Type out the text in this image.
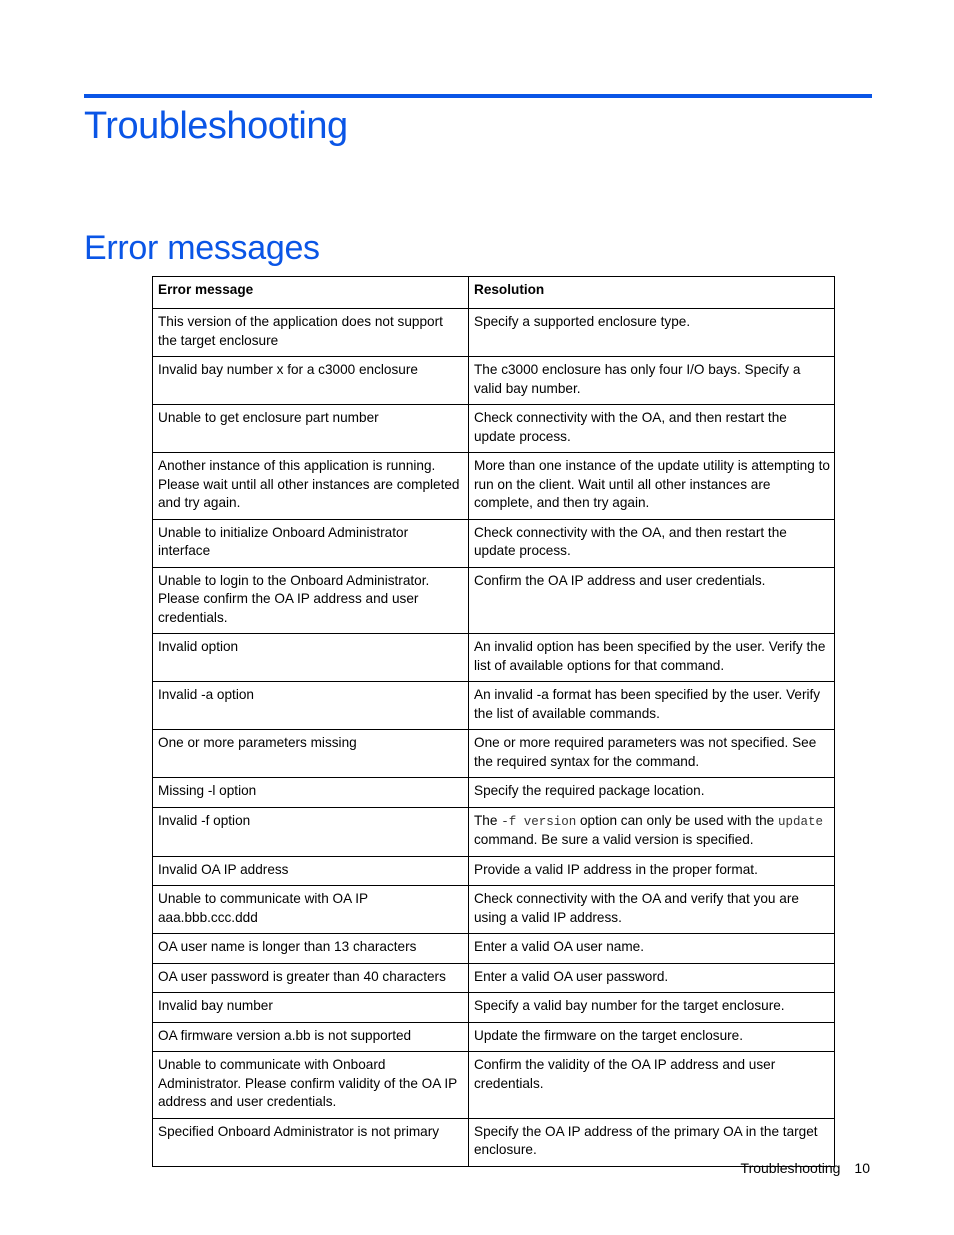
Troubleshooting
Error messages
Error message	Resolution
This version of the application does not support the target enclosure	Specify a supported enclosure type.
Invalid bay number x for a c3000 enclosure	The c3000 enclosure has only four I/O bays. Specify a valid bay number.
Unable to get enclosure part number	Check connectivity with the OA, and then restart the update process.
Another instance of this application is running. Please wait until all other instances are completed and try again.	More than one instance of the update utility is attempting to run on the client. Wait until all other instances are complete, and then try again.
Unable to initialize Onboard Administrator interface	Check connectivity with the OA, and then restart the update process.
Unable to login to the Onboard Administrator. Please confirm the OA IP address and user credentials.	Confirm the OA IP address and user credentials.
Invalid option	An invalid option has been specified by the user. Verify the list of available options for that command.
Invalid -a option	An invalid -a format has been specified by the user. Verify the list of available commands.
One or more parameters missing	One or more required parameters was not specified. See the required syntax for the command.
Missing -l option	Specify the required package location.
Invalid -f option	The -f version option can only be used with the update command. Be sure a valid version is specified.
Invalid OA IP address	Provide a valid IP address in the proper format.
Unable to communicate with OA IP aaa.bbb.ccc.ddd	Check connectivity with the OA and verify that you are using a valid IP address.
OA user name is longer than 13 characters	Enter a valid OA user name.
OA user password is greater than 40 characters	Enter a valid OA user password.
Invalid bay number	Specify a valid bay number for the target enclosure.
OA firmware version a.bb is not supported	Update the firmware on the target enclosure.
Unable to communicate with Onboard Administrator. Please confirm validity of the OA IP address and user credentials.	Confirm the validity of the OA IP address and user credentials.
Specified Onboard Administrator is not primary	Specify the OA IP address of the primary OA in the target enclosure.
Troubleshooting 10
